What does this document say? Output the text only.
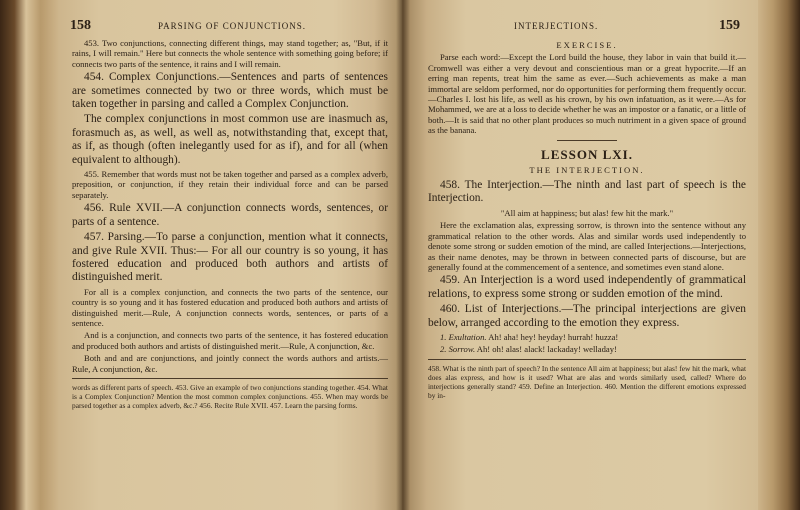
158	PARSING OF CONJUNCTIONS.

453. Two conjunctions, connecting different things, may stand together; as, "But, if it rains, I will remain." Here but connects the whole sentence with something going before; if connects two parts of the sentence, it rains and I will remain.

454. Complex Conjunctions.—Sentences and parts of sentences are sometimes connected by two or three words, which must be taken together in parsing and called a Complex Conjunction.

The complex conjunctions in most common use are inasmuch as, forasmuch as, as well, as well as, notwithstanding that, except that, as if, as though (often inelegantly used for as if), and for all (when equivalent to although).

455. Remember that words must not be taken together and parsed as a complex adverb, preposition, or conjunction, if they retain their individual force and can be parsed separately.

456. Rule XVII.—A conjunction connects words, sentences, or parts of a sentence.

457. Parsing.—To parse a conjunction, mention what it connects, and give Rule XVII. Thus:— For all our country is so young, it has fostered education and produced both authors and artists of distinguished merit.

For all is a complex conjunction, and connects the two parts of the sentence, our country is so young and it has fostered education and produced both authors and artists of distinguished merit.—Rule, A conjunction connects words, sentences, or parts of a sentence.

And is a conjunction, and connects two parts of the sentence, it has fostered education and produced both authors and artists of distinguished merit.—Rule, A conjunction, &c.

Both and and are conjunctions, and jointly connect the words authors and artists.—Rule, A conjunction, &c.

words as different parts of speech. 453. Give an example of two conjunctions standing together. 454. What is a Complex Conjunction? Mention the most common complex conjunctions. 455. When may words be parsed together as a complex adverb, &c.? 456. Recite Rule XVII. 457. Learn the parsing forms.

INTERJECTIONS.	159

EXERCISE.

Parse each word:—Except the Lord build the house, they labor in vain that build it.—Cromwell was either a very devout and conscientious man or a great hypocrite.—If an erring man repents, treat him the same as ever.—Such achievements as make a man immortal are seldom performed, nor do opportunities for performing them frequently occur.—Charles I. lost his life, as well as his crown, by his own infatuation, as it were.—As for Mohammed, we are at a loss to decide whether he was an impostor or a fanatic, or a little of both.—It is said that no other plant produces so much nutriment in a given space of ground as the banana.

LESSON LXI.

THE INTERJECTION.

458. The Interjection.—The ninth and last part of speech is the Interjection.

"All aim at happiness; but alas! few hit the mark."

Here the exclamation alas, expressing sorrow, is thrown into the sentence without any grammatical relation to the other words. Alas and similar words used independently to denote some strong or sudden emotion of the mind, are called Interjections.—Interjections, as their name denotes, may be thrown in between connected parts of discourse, but are generally found at the commencement of a sentence, and sometimes even stand alone.

459. An Interjection is a word used independently of grammatical relations, to express some strong or sudden emotion of the mind.

460. List of Interjections.—The principal interjections are given below, arranged according to the emotion they express.

1. Exultation. Ah! aha! hey! heyday! hurrah! huzza!

2. Sorrow. Ah! oh! alas! alack! lackaday! welladay!

458. What is the ninth part of speech? In the sentence All aim at happiness; but alas! few hit the mark, what does alas express, and how is it used? What are alas and words similarly used, called? Where do interjections generally stand? 459. Define an Interjection. 460. Mention the different emotions expressed by in-
